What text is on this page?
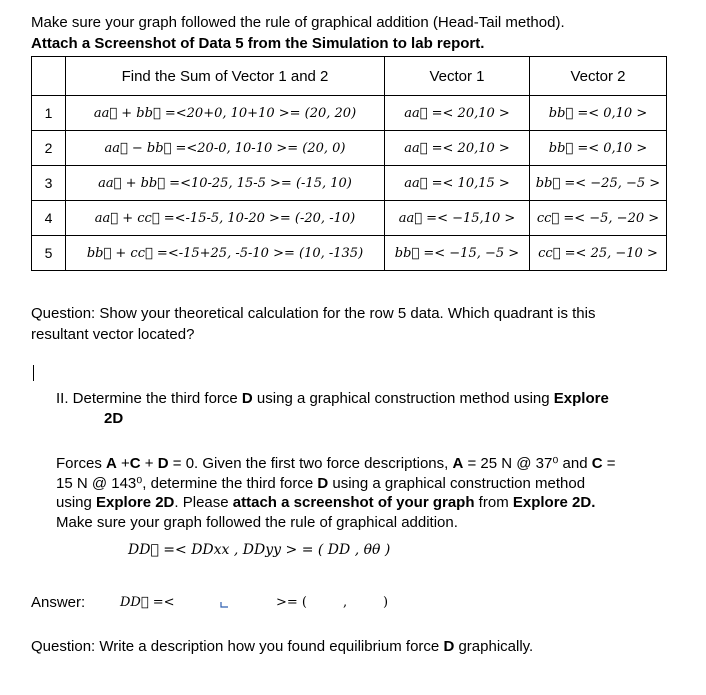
Make sure your graph followed the rule of graphical addition (Head-Tail method).
Attach a Screenshot of Data 5 from the Simulation to lab report.
	Find the Sum of Vector 1 and 2	Vector 1	Vector 2
1	aa⃗ + bb⃗ =<20+0, 10+10 >= (20, 20)	aa⃗ =< 20,10 >	bb⃗ =< 0,10 >
2	aa⃗ − bb⃗ =<20-0, 10-10 >= (20, 0)	aa⃗ =< 20,10 >	bb⃗ =< 0,10 >
3	aa⃗ + bb⃗ =<10-25, 15-5 >= (-15, 10)	aa⃗ =< 10,15 >	bb⃗ =< −25, −5 >
4	aa⃗ + cc⃗ =<-15-5, 10-20 >= (-20, -10)	aa⃗ =< −15,10 >	cc⃗ =< −5, −20 >
5	bb⃗ + cc⃗ =<-15+25, -5-10 >= (10, -135)	bb⃗ =< −15, −5 >	cc⃗ =< 25, −10 >
Question: Show your theoretical calculation for the row 5 data. Which quadrant is this
resultant vector located?
II. Determine the third force D using a graphical construction method using Explore
2D
Forces A +C + D = 0. Given the first two force descriptions, A = 25 N @ 37⁰ and C =
15 N @ 143⁰, determine the third force D using a graphical construction method
using Explore 2D. Please attach a screenshot of your graph from Explore 2D.
Make sure your graph followed the rule of graphical addition.
DD⃗ =< DDxx , DDyy > = ( DD , θθ )
Answer:	DD⃗ =<	>= (	,	)
Question: Write a description how you found equilibrium force D graphically.
